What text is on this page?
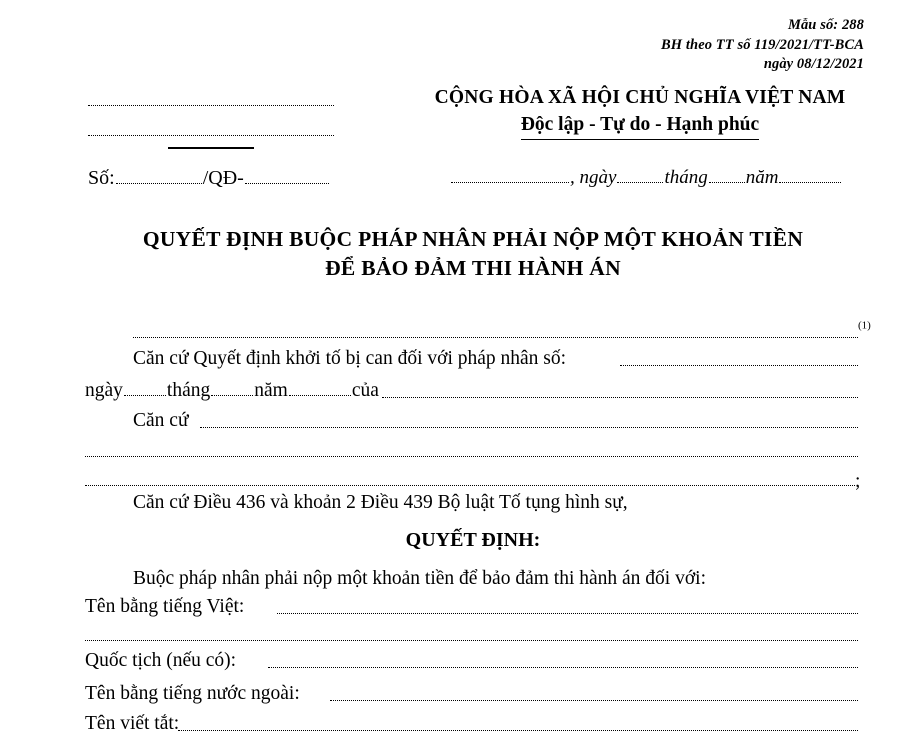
Mẫu số: 288
BH theo TT số 119/2021/TT-BCA
ngày 08/12/2021
Số:	/QĐ-
CỘNG HÒA XÃ HỘI CHỦ NGHĨA VIỆT NAM
Độc lập - Tự do - Hạnh phúc
, ngày	tháng năm
QUYẾT ĐỊNH BUỘC PHÁP NHÂN PHẢI NỘP MỘT KHOẢN TIỀN
ĐỂ BẢO ĐẢM THI HÀNH ÁN
$^{(1)}$
Căn cứ Quyết định khởi tố bị can đối với pháp nhân số:
ngày tháng năm	của
Căn cứ
;
Căn cứ Điều 436 và khoản 2 Điều 439 Bộ luật Tố tụng hình sự,
QUYẾT ĐỊNH:
Buộc pháp nhân phải nộp một khoản tiền để bảo đảm thi hành án đối với:
Tên bằng tiếng Việt:
Quốc tịch (nếu có):
Tên bằng tiếng nước ngoài:
Tên viết tắt:
